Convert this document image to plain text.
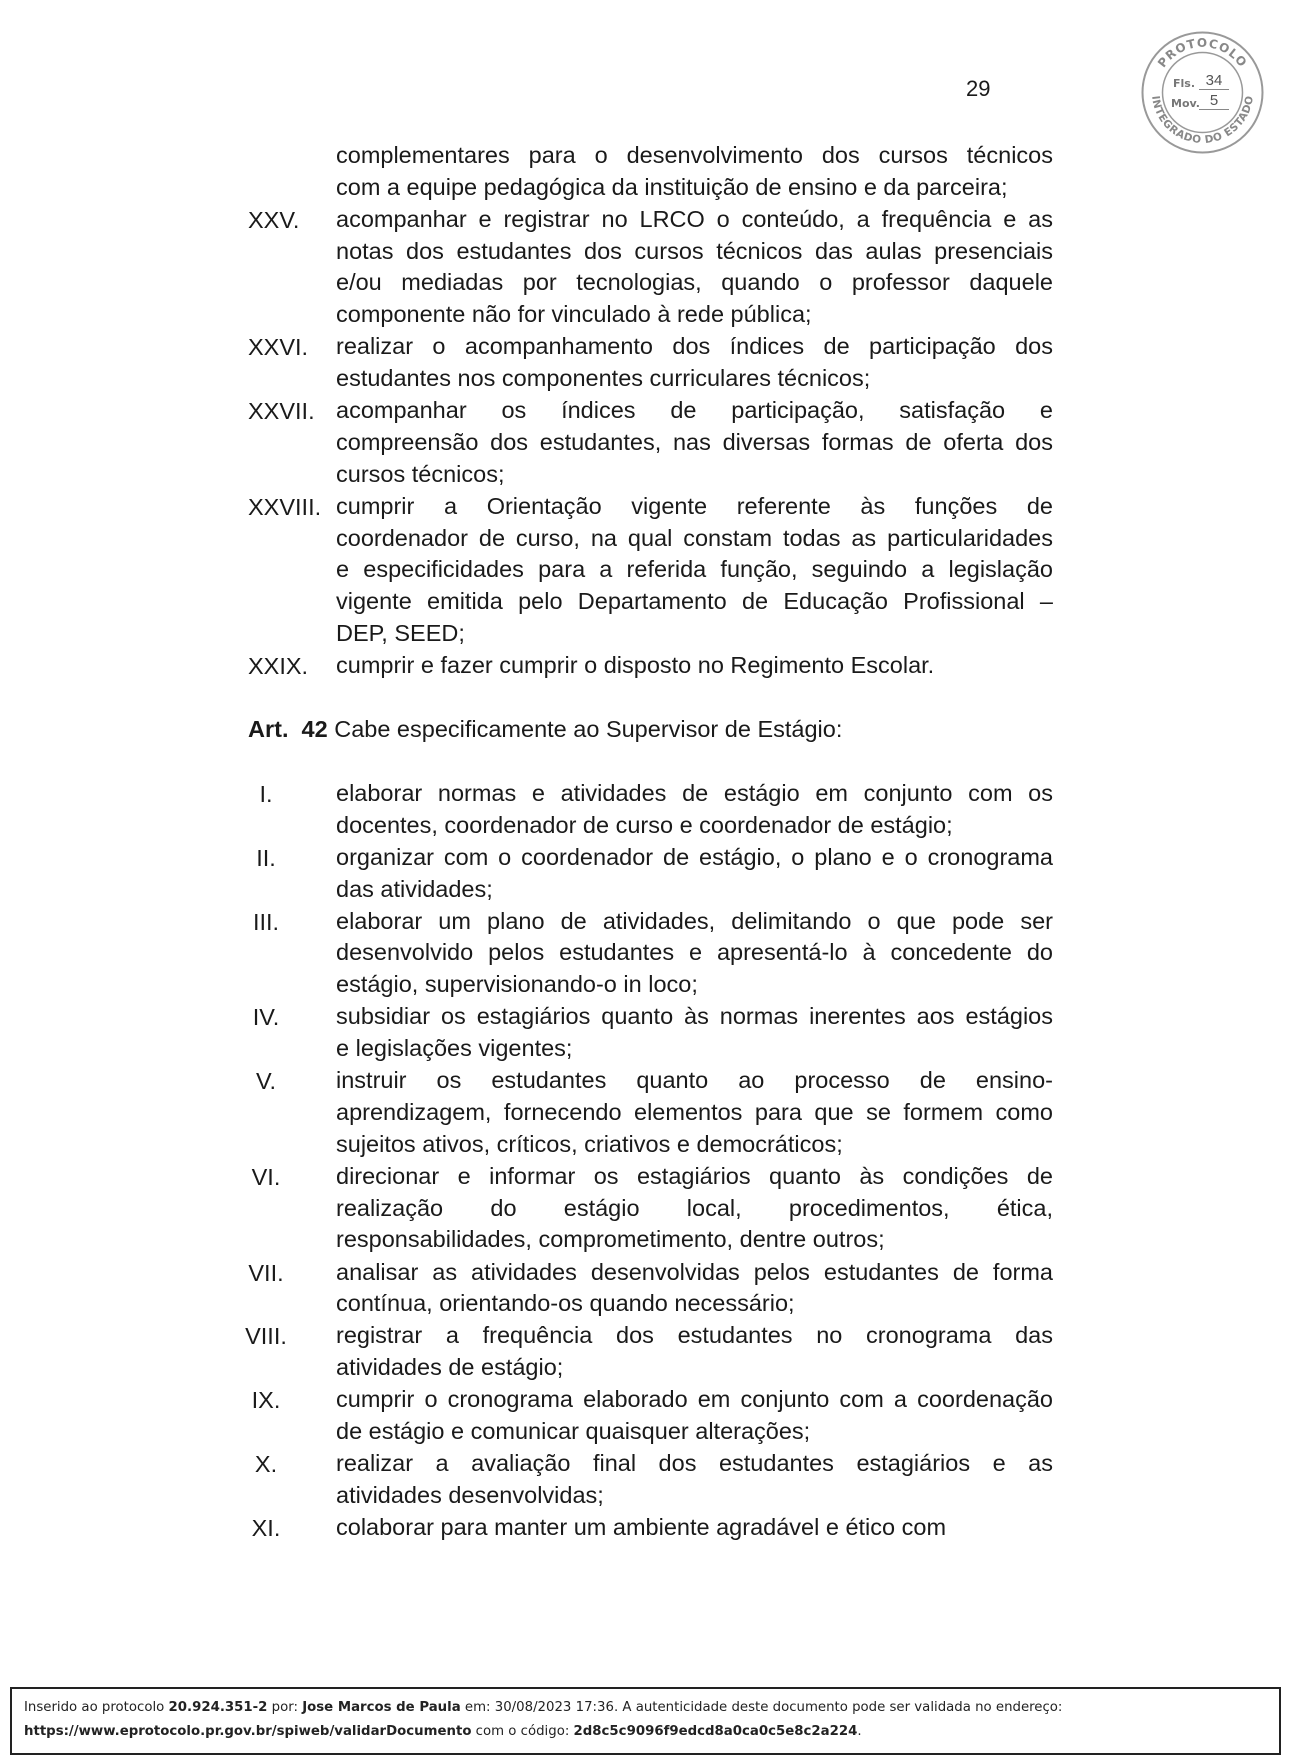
29
PROTOCOLO
INTEGRADO DO ESTADO
Fls. 34
Mov. 5
complementares para o desenvolvimento dos cursos técnicos
com a equipe pedagógica da instituição de ensino e da parceira;
XXV. acompanhar e registrar no LRCO o conteúdo, a frequência e as
notas dos estudantes dos cursos técnicos das aulas presenciais
e/ou mediadas por tecnologias, quando o professor daquele
componente não for vinculado à rede pública;
XXVI. realizar o acompanhamento dos índices de participação dos
estudantes nos componentes curriculares técnicos;
XXVII. acompanhar os índices de participação, satisfação e
compreensão dos estudantes, nas diversas formas de oferta dos
cursos técnicos;
XXVIII. cumprir a Orientação vigente referente às funções de
coordenador de curso, na qual constam todas as particularidades
e especificidades para a referida função, seguindo a legislação
vigente emitida pelo Departamento de Educação Profissional –
DEP, SEED;
XXIX. cumprir e fazer cumprir o disposto no Regimento Escolar.
I.	elaborar normas e atividades de estágio em conjunto com os
docentes, coordenador de curso e coordenador de estágio;
II.	organizar com o coordenador de estágio, o plano e o cronograma
das atividades;
III.	elaborar um plano de atividades, delimitando o que pode ser
desenvolvido pelos estudantes e apresentá-lo à concedente do
estágio, supervisionando-o in loco;
IV.	subsidiar os estagiários quanto às normas inerentes aos estágios
e legislações vigentes;
V.	instruir os estudantes quanto ao processo de ensino-
aprendizagem, fornecendo elementos para que se formem como
sujeitos ativos, críticos, criativos e democráticos;
VI.	direcionar e informar os estagiários quanto às condições de
realização do estágio local, procedimentos, ética,
responsabilidades, comprometimento, dentre outros;
VII.	analisar as atividades desenvolvidas pelos estudantes de forma
contínua, orientando-os quando necessário;
VIII.	registrar a frequência dos estudantes no cronograma das
atividades de estágio;
IX.	cumprir o cronograma elaborado em conjunto com a coordenação
de estágio e comunicar quaisquer alterações;
X.	realizar a avaliação final dos estudantes estagiários e as
atividades desenvolvidas;
XI.	colaborar para manter um ambiente agradável e ético com
Art. 42 Cabe especificamente ao Supervisor de Estágio:
Inserido ao protocolo 20.924.351-2 por: Jose Marcos de Paula em: 30/08/2023 17:36. A autenticidade deste documento pode ser validada no endereço:
https://www.eprotocolo.pr.gov.br/spiweb/validarDocumento com o código: 2d8c5c9096f9edcd8a0ca0c5e8c2a224.
